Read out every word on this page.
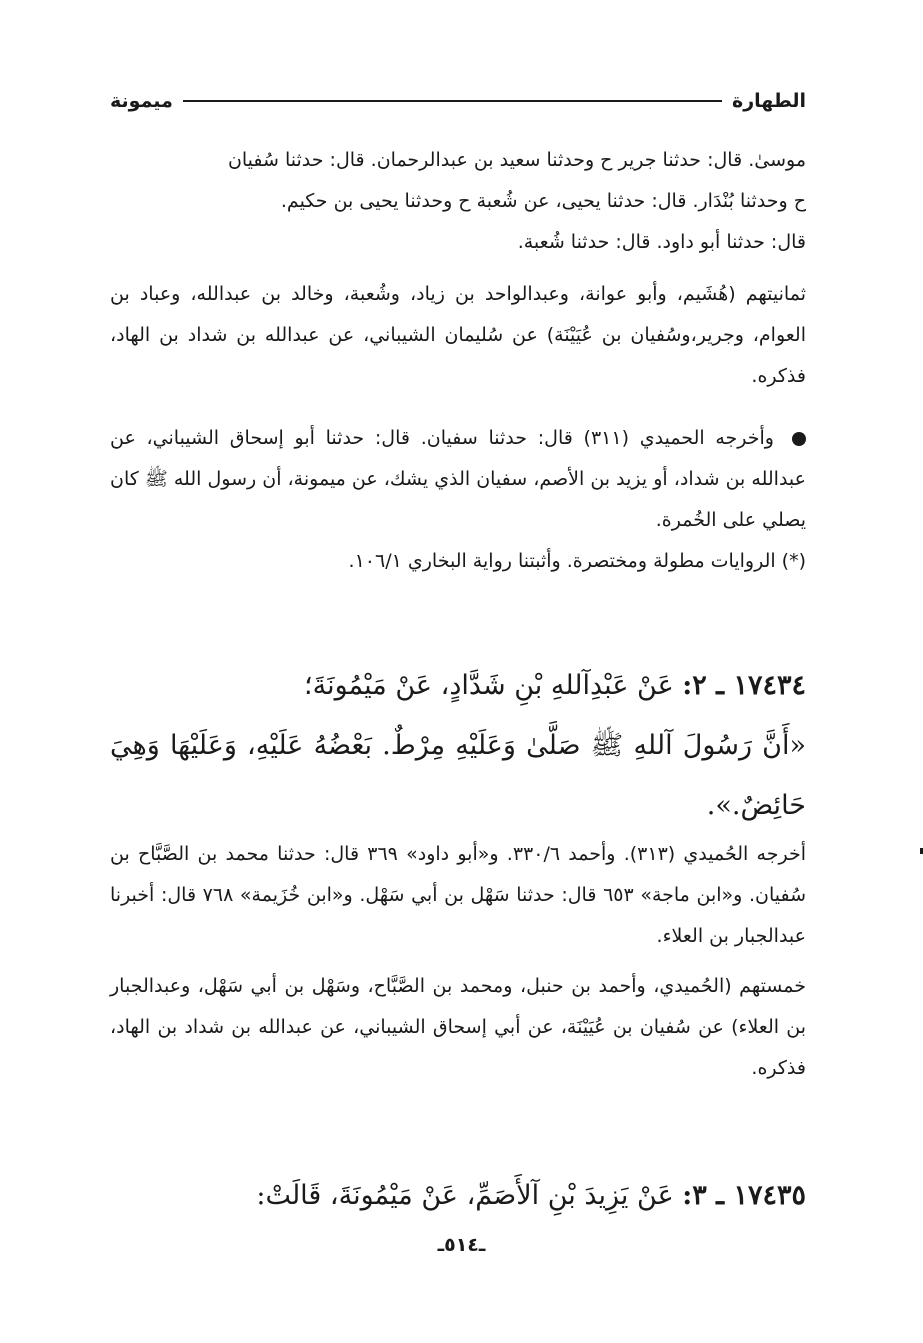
الطهارة
ميمونة

موسىٰ. قال: حدثنا جرير ح وحدثنا سعيد بن عبدالرحمان. قال: حدثنا سُفيان

ح وحدثنا بُنْدَار. قال: حدثنا يحيى، عن شُعبة ح وحدثنا يحيى بن حكيم.

قال: حدثنا أبو داود. قال: حدثنا شُعبة.

ثمانيتهم (هُشَيم، وأبو عوانة، وعبدالواحد بن زياد، وشُعبة، وخالد بن عبدالله، وعباد بن العوام، وجرير،وسُفيان بن عُيَيْنَة) عن سُليمان الشيباني، عن عبدالله بن شداد بن الهاد، فذكره.

وأخرجه الحميدي (٣١١) قال: حدثنا سفيان. قال: حدثنا أبو إسحاق الشيباني، عن عبدالله بن شداد، أو يزيد بن الأصم، سفيان الذي يشك، عن ميمونة، أن رسول الله ﷺ كان يصلي على الخُمرة.

(*) الروايات مطولة ومختصرة. وأثبتنا رواية البخاري ١٠٦/١.

١٧٤٣٤ ـ ٢: عَنْ عَبْدِآللهِ بْنِ شَدَّادٍ، عَنْ مَيْمُونَةَ؛

«أَنَّ رَسُولَ آللهِ ﷺ صَلَّىٰ وَعَلَيْهِ مِرْطٌ. بَعْضُهُ عَلَيْهِ، وَعَلَيْهَا وَهِيَ حَائِضٌ.».

أخرجه الحُميدي (٣١٣). وأحمد ٣٣٠/٦. و«أبو داود» ٣٦٩ قال: حدثنا محمد بن الصَّبَّاح بن سُفيان. و«ابن ماجة» ٦٥٣ قال: حدثنا سَهْل بن أبي سَهْل. و«ابن خُزَيمة» ٧٦٨ قال: أخبرنا عبدالجبار بن العلاء.

خمستهم (الحُميدي، وأحمد بن حنبل، ومحمد بن الصَّبَّاح، وسَهْل بن أبي سَهْل، وعبدالجبار بن العلاء) عن سُفيان بن عُيَيْنَة، عن أبي إسحاق الشيباني، عن عبدالله بن شداد بن الهاد، فذكره.

١٧٤٣٥ ـ ٣: عَنْ يَزِيدَ بْنِ آلأَصَمِّ، عَنْ مَيْمُونَةَ، قَالَتْ:

ـ٥١٤ـ
